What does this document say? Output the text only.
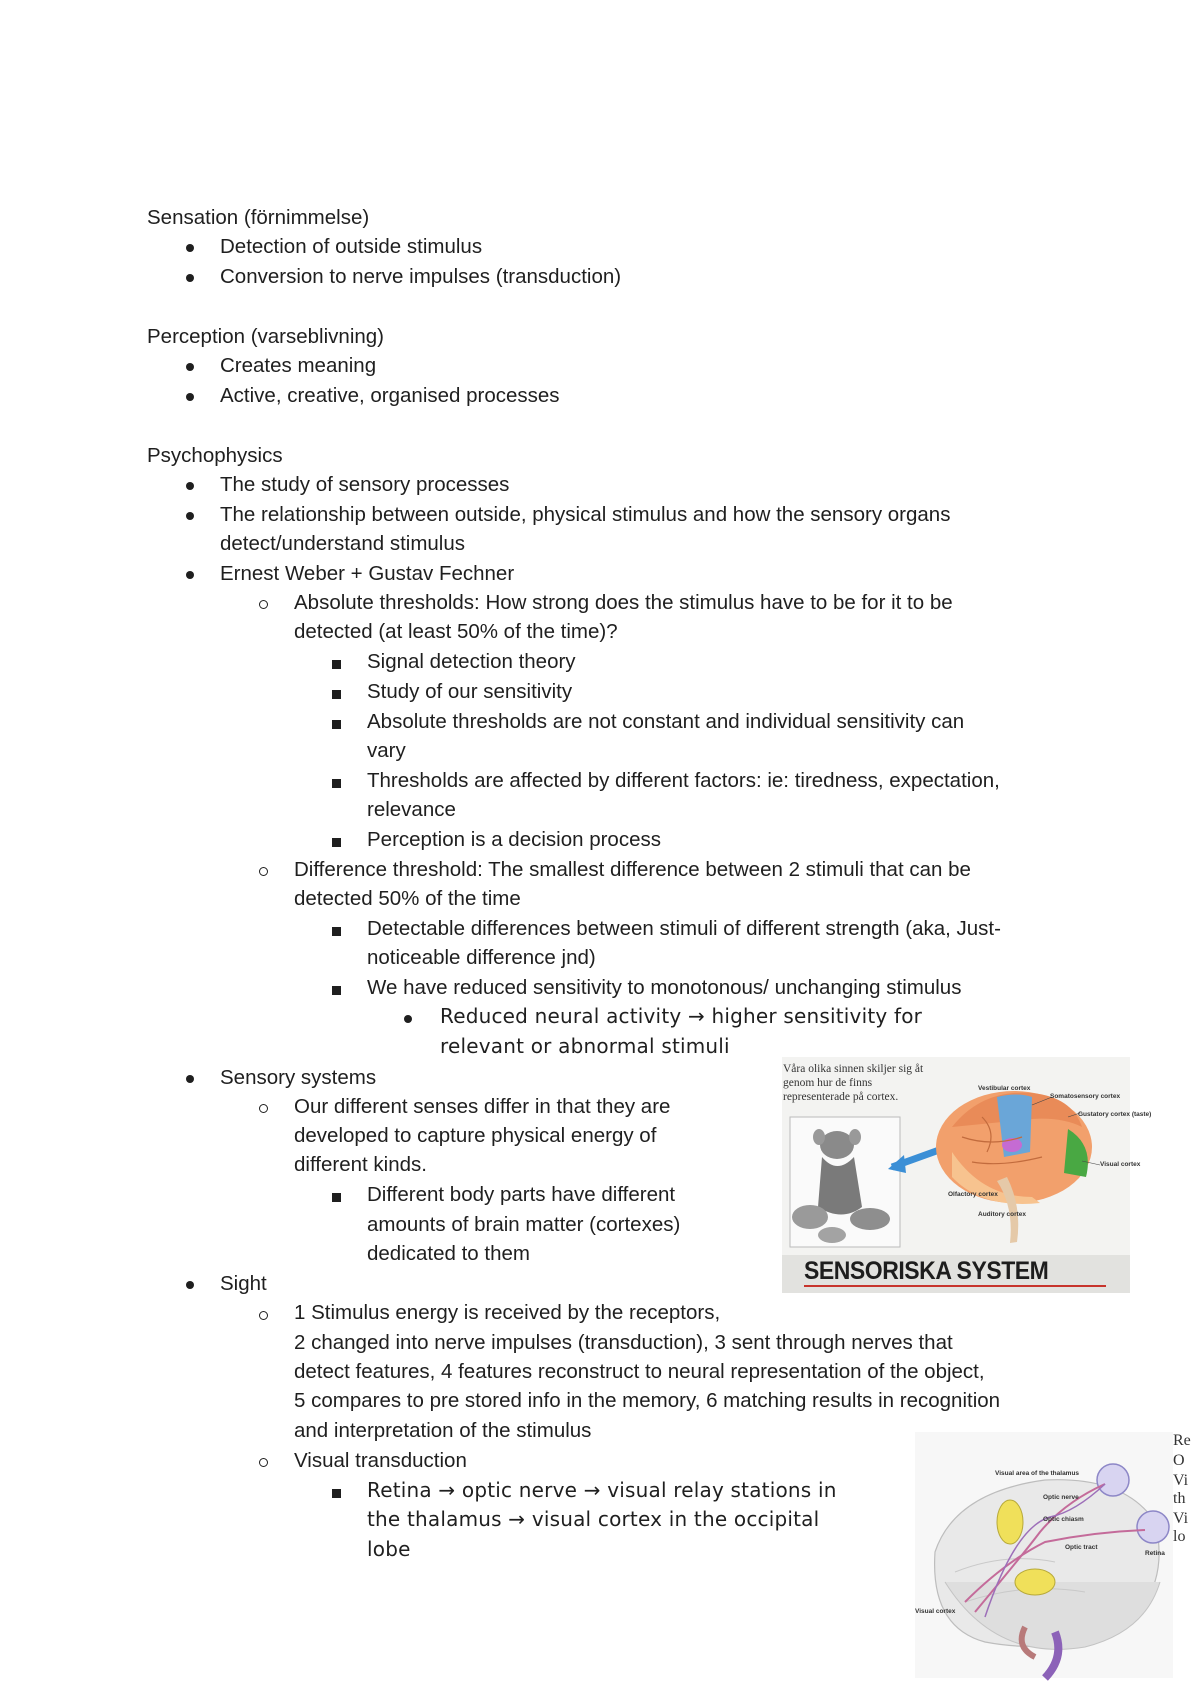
Sensation (förnimmelse)
Detection of outside stimulus
Conversion to nerve impulses (transduction)
Perception (varseblivning)
Creates meaning
Active, creative, organised processes
Psychophysics
The study of sensory processes
The relationship between outside, physical stimulus and how the sensory organs
detect/understand stimulus
Ernest Weber + Gustav Fechner
Absolute thresholds: How strong does the stimulus have to be for it to be
detected (at least 50% of the time)?
Signal detection theory
Study of our sensitivity
Absolute thresholds are not constant and individual sensitivity can
vary
Thresholds are affected by different factors: ie: tiredness, expectation,
relevance
Perception is a decision process
Difference threshold: The smallest difference between 2 stimuli that can be
detected 50% of the time
Detectable differences between stimuli of different strength (aka, Just-
noticeable difference jnd)
We have reduced sensitivity to monotonous/ unchanging stimulus
Reduced neural activity → higher sensitivity for
relevant or abnormal stimuli
Sensory systems
Our different senses differ in that they are
developed to capture physical energy of
different kinds.
Different body parts have different
amounts of brain matter (cortexes)
dedicated to them
Sight
1 Stimulus energy is received by the receptors,
2 changed into nerve impulses (transduction), 3 sent through nerves that
detect features, 4 features reconstruct to neural representation of the object,
5 compares to pre stored info in the memory, 6 matching results in recognition
and interpretation of the stimulus
Visual transduction
Retina → optic nerve → visual relay stations in
the thalamus → visual cortex in the occipital
lobe
Våra olika sinnen skiljer sig åt
genom hur de finns
representerade på cortex.
Vestibular cortex
Somatosensory cortex
Gustatory cortex (taste)
Visual cortex
Olfactory cortex
Auditory cortex
SENSORISKA SYSTEM
Visual area of the thalamus
Optic nerve
Optic chiasm
Optic tract
Retina
Visual cortex
Re
O
Vi
th
Vi
lo
